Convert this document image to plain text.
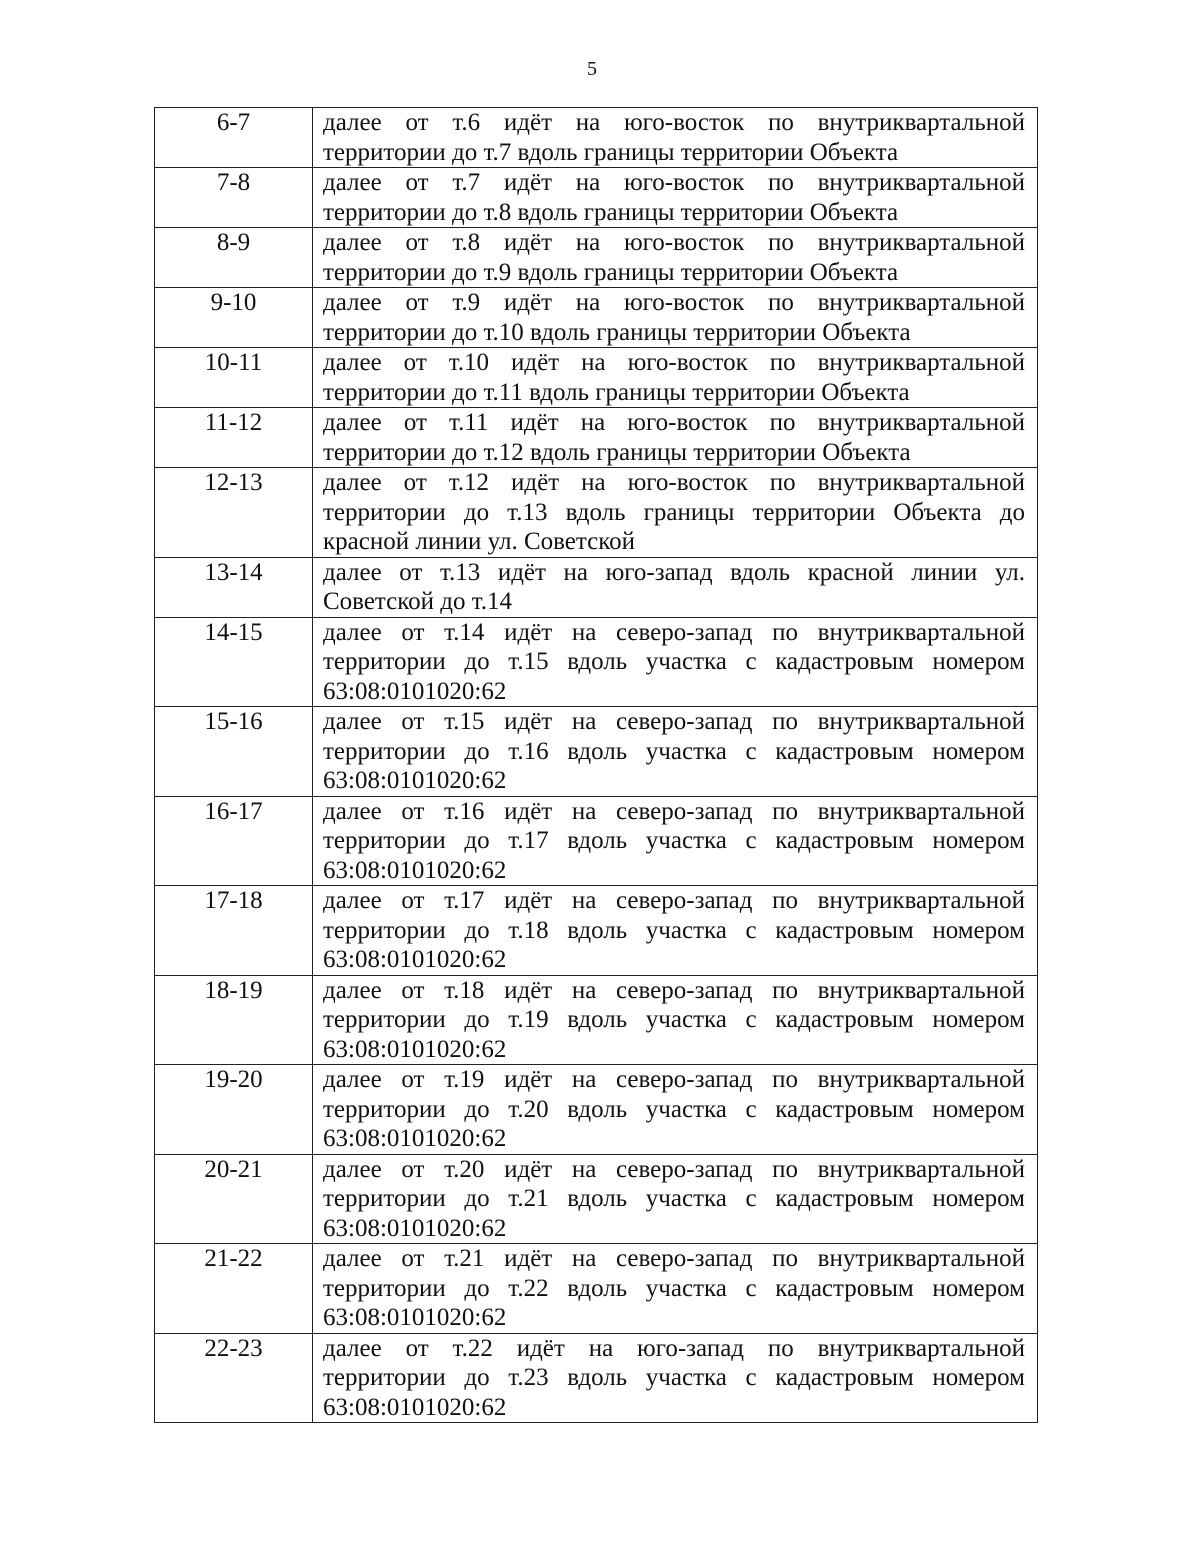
5
6-7	далее от т.6 идёт на юго-восток по внутриквартальной территории до т.7 вдоль границы территории Объекта
7-8	далее от т.7 идёт на юго-восток по внутриквартальной территории до т.8 вдоль границы территории Объекта
8-9	далее от т.8 идёт на юго-восток по внутриквартальной территории до т.9 вдоль границы территории Объекта
9-10	далее от т.9 идёт на юго-восток по внутриквартальной территории до т.10 вдоль границы территории Объекта
10-11	далее от т.10 идёт на юго-восток по внутриквартальной территории до т.11 вдоль границы территории Объекта
11-12	далее от т.11 идёт на юго-восток по внутриквартальной территории до т.12 вдоль границы территории Объекта
12-13	далее от т.12 идёт на юго-восток по внутриквартальной территории до т.13 вдоль границы территории Объекта до красной линии ул. Советской
13-14	далее от т.13 идёт на юго-запад вдоль красной линии ул. Советской до т.14
14-15	далее от т.14 идёт на северо-запад по внутриквартальной территории до т.15 вдоль участка с кадастровым номером 63:08:0101020:62
15-16	далее от т.15 идёт на северо-запад по внутриквартальной территории до т.16 вдоль участка с кадастровым номером 63:08:0101020:62
16-17	далее от т.16 идёт на северо-запад по внутриквартальной территории до т.17 вдоль участка с кадастровым номером 63:08:0101020:62
17-18	далее от т.17 идёт на северо-запад по внутриквартальной территории до т.18 вдоль участка с кадастровым номером 63:08:0101020:62
18-19	далее от т.18 идёт на северо-запад по внутриквартальной территории до т.19 вдоль участка с кадастровым номером 63:08:0101020:62
19-20	далее от т.19 идёт на северо-запад по внутриквартальной территории до т.20 вдоль участка с кадастровым номером 63:08:0101020:62
20-21	далее от т.20 идёт на северо-запад по внутриквартальной территории до т.21 вдоль участка с кадастровым номером 63:08:0101020:62
21-22	далее от т.21 идёт на северо-запад по внутриквартальной территории до т.22 вдоль участка с кадастровым номером 63:08:0101020:62
22-23	далее от т.22 идёт на юго-запад по внутриквартальной территории до т.23 вдоль участка с кадастровым номером 63:08:0101020:62
